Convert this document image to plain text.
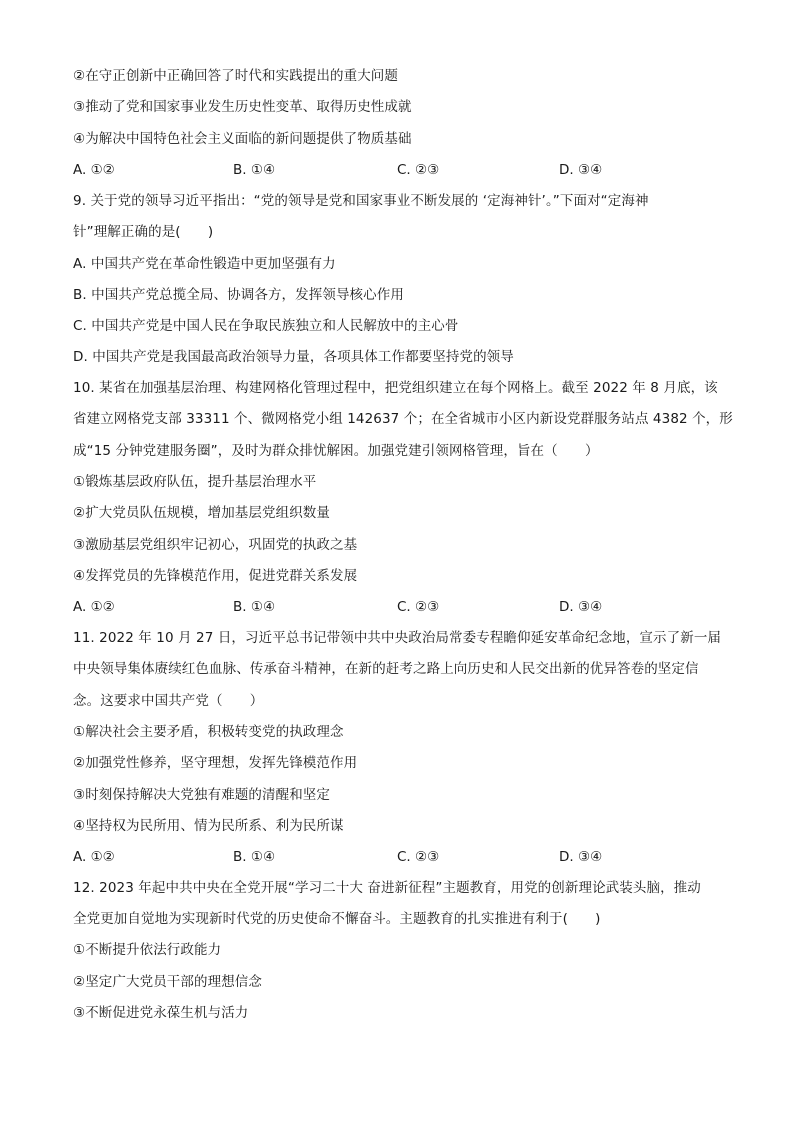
②在守正创新中正确回答了时代和实践提出的重大问题
③推动了党和国家事业发生历史性变革、取得历史性成就
④为解决中国特色社会主义面临的新问题提供了物质基础
A. ①②	B. ①④	C. ②③	D. ③④
9. 关于党的领导习近平指出：“党的领导是党和国家事业不断发展的 ‘定海神针’。”下面对“定海神
针”理解正确的是(　　)
A. 中国共产党在革命性锻造中更加坚强有力
B. 中国共产党总揽全局、协调各方，发挥领导核心作用
C. 中国共产党是中国人民在争取民族独立和人民解放中的主心骨
D. 中国共产党是我国最高政治领导力量，各项具体工作都要坚持党的领导
10. 某省在加强基层治理、构建网格化管理过程中，把党组织建立在每个网格上。截至 2022 年 8 月底，该
省建立网格党支部 33311 个、微网格党小组 142637 个；在全省城市小区内新设党群服务站点 4382 个，形
成“15 分钟党建服务圈”，及时为群众排忧解困。加强党建引领网格管理，旨在（　　）
①锻炼基层政府队伍，提升基层治理水平
②扩大党员队伍规模，增加基层党组织数量
③激励基层党组织牢记初心，巩固党的执政之基
④发挥党员的先锋模范作用，促进党群关系发展
A. ①②	B. ①④	C. ②③	D. ③④
11. 2022 年 10 月 27 日，习近平总书记带领中共中央政治局常委专程瞻仰延安革命纪念地，宣示了新一届
中央领导集体赓续红色血脉、传承奋斗精神，在新的赶考之路上向历史和人民交出新的优异答卷的坚定信
念。这要求中国共产党（　　）
①解决社会主要矛盾，积极转变党的执政理念
②加强党性修养，坚守理想，发挥先锋模范作用
③时刻保持解决大党独有难题的清醒和坚定
④坚持权为民所用、情为民所系、利为民所谋
A. ①②	B. ①④	C. ②③	D. ③④
12. 2023 年起中共中央在全党开展“学习二十大 奋进新征程”主题教育，用党的创新理论武装头脑，推动
全党更加自觉地为实现新时代党的历史使命不懈奋斗。主题教育的扎实推进有利于(　　)
①不断提升依法行政能力
②坚定广大党员干部的理想信念
③不断促进党永葆生机与活力
